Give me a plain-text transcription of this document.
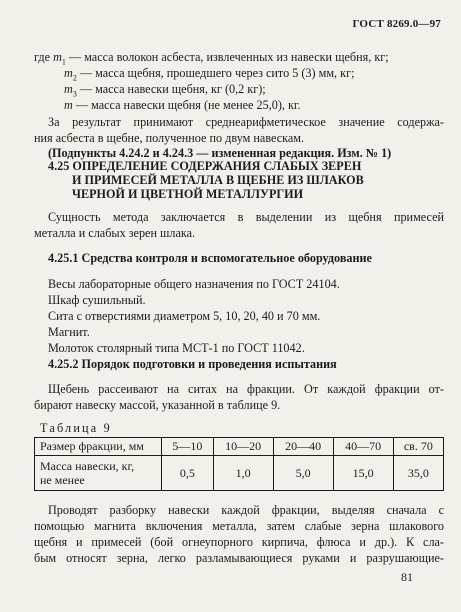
ГОСТ 8269.0—97
где $m_1$ — масса волокон асбеста, извлеченных из навески щебня, кг;
$m_2$ — масса щебня, прошедшего через сито 5 (3) мм, кг;
$m_3$ — масса навески щебня, кг (0,2 кг);
m — масса навески щебня (не менее 25,0), кг.
За результат принимают среднеарифметическое значение содержа-
ния асбеста в щебне, полученное по двум навескам.
(Подпункты 4.24.2 и 4.24.3 — измененная редакция. Изм. № 1)
4.25 ОПРЕДЕЛЕНИЕ СОДЕРЖАНИЯ СЛАБЫХ ЗЕРЕН
И ПРИМЕСЕЙ МЕТАЛЛА В ЩЕБНЕ ИЗ ШЛАКОВ
ЧЕРНОЙ И ЦВЕТНОЙ МЕТАЛЛУРГИИ
Сущность метода заключается в выделении из щебня примесей
металла и слабых зерен шлака.
4.25.1 Средства контроля и вспомогательное оборудование
Весы лабораторные общего назначения по ГОСТ 24104.
Шкаф сушильный.
Сита с отверстиями диаметром 5, 10, 20, 40 и 70 мм.
Магнит.
Молоток столярный типа МСТ-1 по ГОСТ 11042.
4.25.2 Порядок подготовки и проведения испытания
Щебень рассеивают на ситах на фракции. От каждой фракции от-
бирают навеску массой, указанной в таблице 9.
Таблица 9
Размер фракции, мм	5—10	10—20	20—40	40—70	св. 70
Масса навески, кг,
не менее	0,5	1,0	5,0	15,0	35,0
Проводят разборку навески каждой фракции, выделяя сначала с
помощью магнита включения металла, затем слабые зерна шлакового
щебня и примесей (бой огнеупорного кирпича, флюса и др.). К сла-
бым относят зерна, легко разламывающиеся руками и разрушающие-
81
